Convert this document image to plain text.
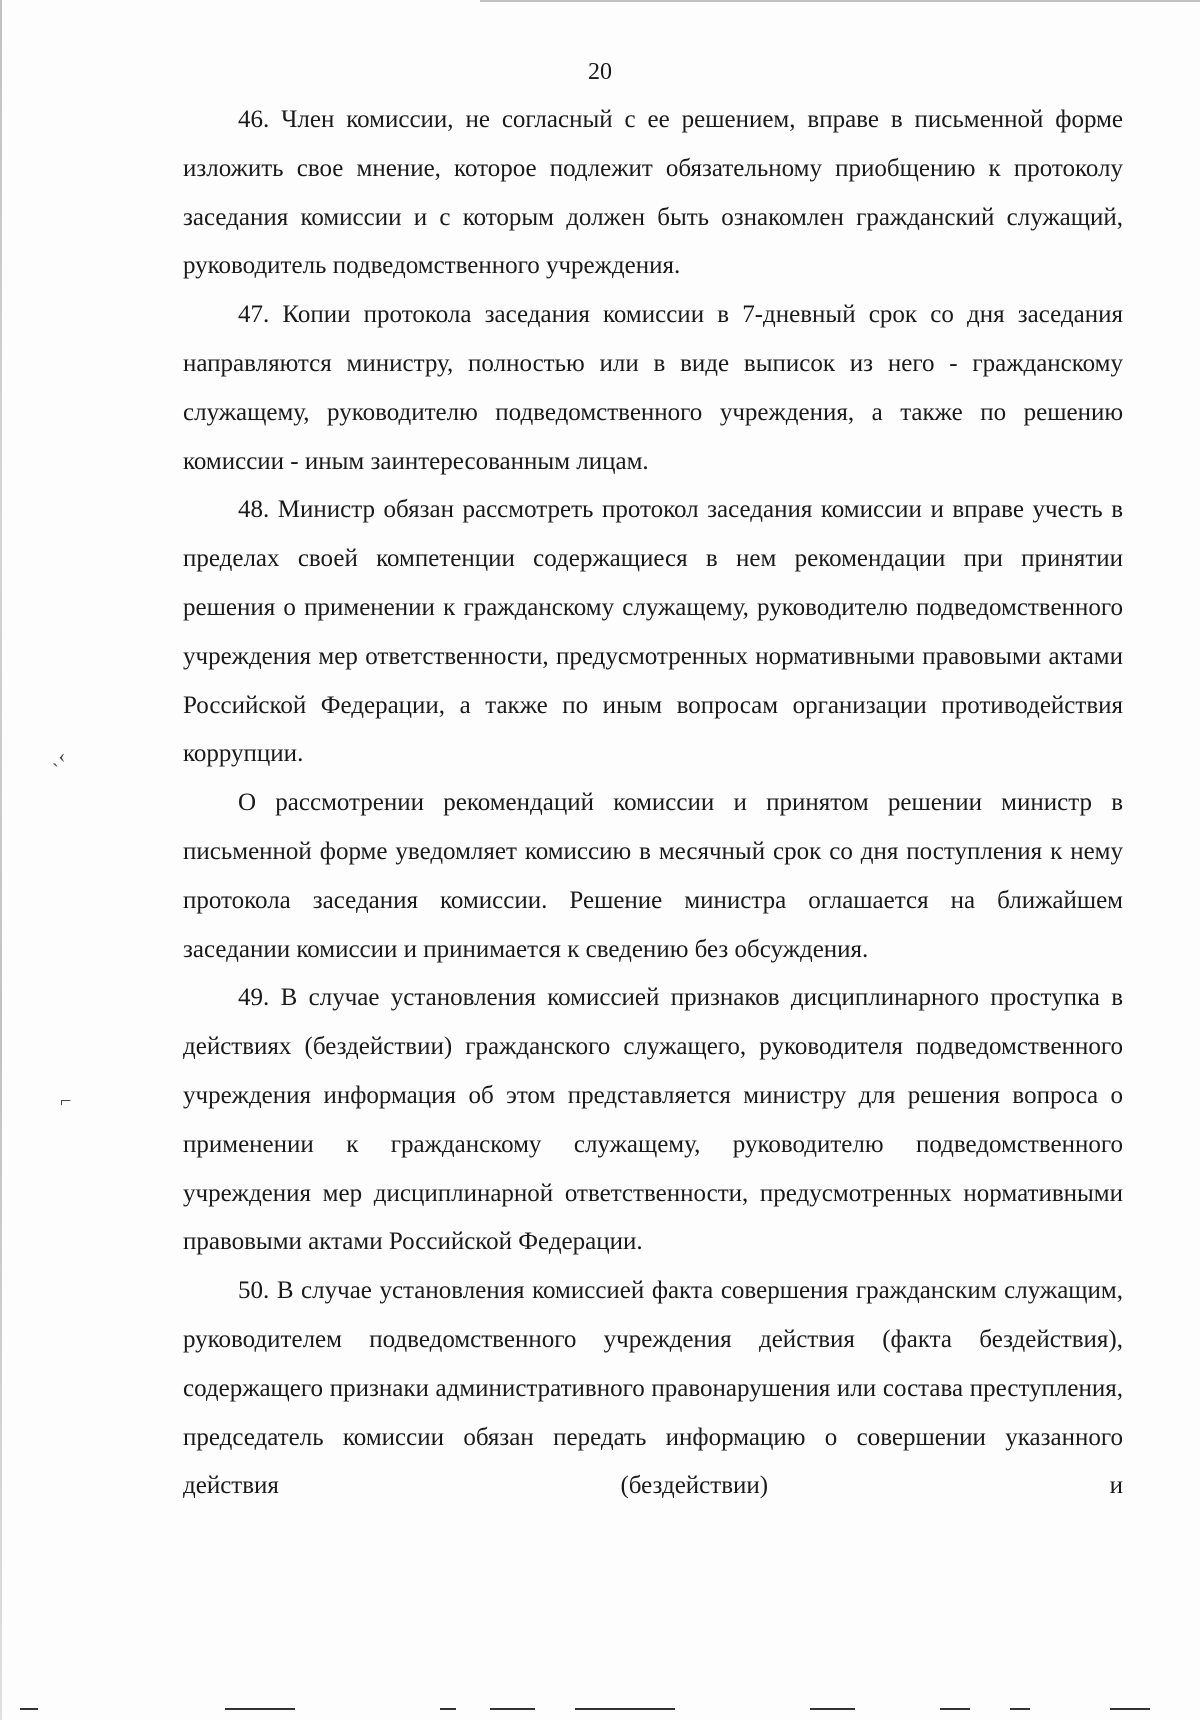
20

46. Член комиссии, не согласный с ее решением, вправе в письменной форме изложить свое мнение, которое подлежит обязательному приобщению к протоколу заседания комиссии и с которым должен быть ознакомлен гражданский служащий, руководитель подведомственного учреждения.

47. Копии протокола заседания комиссии в 7-дневный срок со дня заседания направляются министру, полностью или в виде выписок из него - гражданскому служащему, руководителю подведомственного учреждения, а также по решению комиссии - иным заинтересованным лицам.

48. Министр обязан рассмотреть протокол заседания комиссии и вправе учесть в пределах своей компетенции содержащиеся в нем рекомендации при принятии решения о применении к гражданскому служащему, руководителю подведомственного учреждения мер ответственности, предусмотренных нормативными правовыми актами Российской Федерации, а также по иным вопросам организации противодействия коррупции.

О рассмотрении рекомендаций комиссии и принятом решении министр в письменной форме уведомляет комиссию в месячный срок со дня поступления к нему протокола заседания комиссии. Решение министра оглашается на ближайшем заседании комиссии и принимается к сведению без обсуждения.

49. В случае установления комиссией признаков дисциплинарного проступка в действиях (бездействии) гражданского служащего, руководителя подведомственного учреждения информация об этом представляется министру для решения вопроса о применении к гражданскому служащему, руководителю подведомственного учреждения мер дисциплинарной ответственности, предусмотренных нормативными правовыми актами Российской Федерации.

50. В случае установления комиссией факта совершения гражданским служащим, руководителем подведомственного учреждения действия (факта бездействия), содержащего признаки административного правонарушения или состава преступления, председатель комиссии обязан передать информацию о совершении указанного действия (бездействии) и

ˏ‹
⌐
